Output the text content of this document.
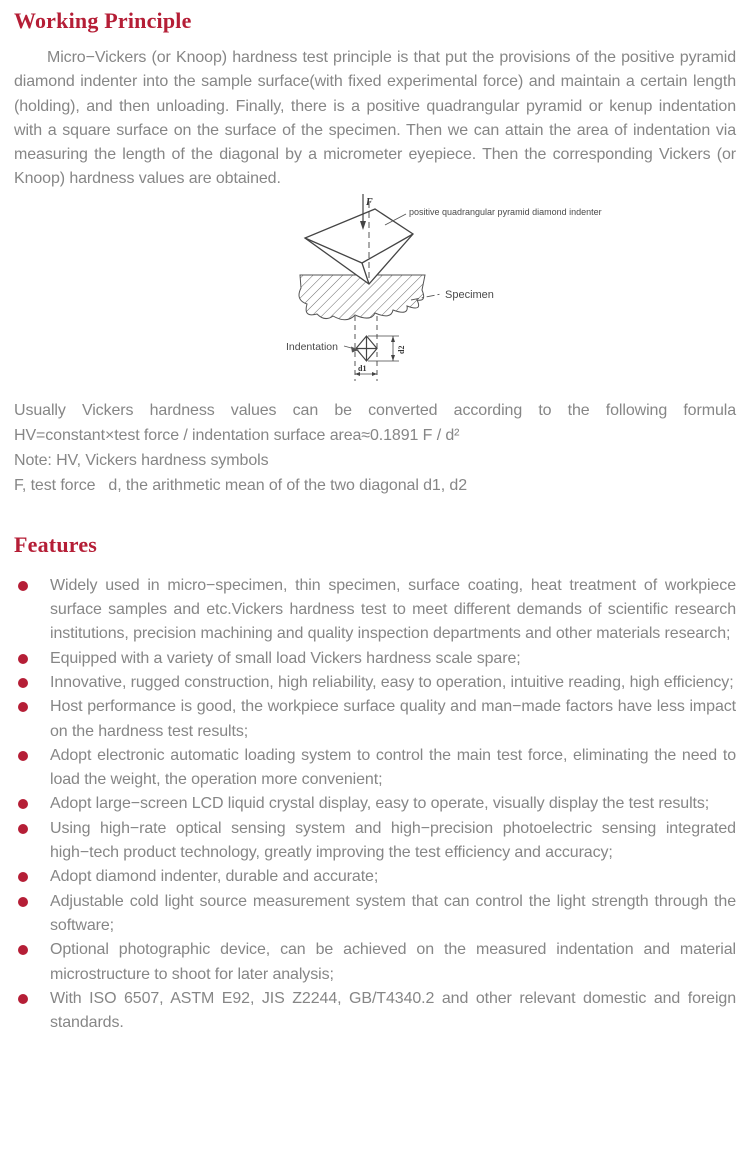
Working Principle

Micro−Vickers (or Knoop) hardness test principle is that put the provisions of the positive pyramid diamond indenter into the sample surface(with fixed experimental force) and maintain a certain length (holding), and then unloading. Finally, there is a positive quadrangular pyramid or kenup indentation with a square surface on the surface of the specimen. Then we can attain the area of indentation via measuring the length of the diagonal by a micrometer eyepiece. Then the corresponding Vickers (or Knoop) hardness values are obtained.

F
positive quadrangular pyramid diamond indenter
Specimen
Indentation	d2
d1
Usually Vickers hardness values can be converted according to the following formula
HV=constant×test force / indentation surface area≈0.1891 F / d²
Note: HV, Vickers hardness symbols
F, test force   d, the arithmetic mean of of the two diagonal d1, d2
Features
Widely used in micro−specimen, thin specimen, surface coating, heat treatment of workpiece surface samples and etc.Vickers hardness test to meet different demands of scientific research institutions, precision machining and quality inspection departments and other materials research;
Equipped with a variety of small load Vickers hardness scale spare;
Innovative, rugged construction, high reliability, easy to operation, intuitive reading, high efficiency;
Host performance is good, the workpiece surface quality and man−made factors have less impact on the hardness test results;
Adopt electronic automatic loading system to control the main test force, eliminating the need to load the weight, the operation more convenient;
Adopt large−screen LCD liquid crystal display, easy to operate, visually display the test results;
Using high−rate optical sensing system and high−precision photoelectric sensing integrated high−tech product technology, greatly improving the test efficiency and accuracy;
Adopt diamond indenter, durable and accurate;
Adjustable cold light source measurement system that can control the light strength through the software;
Optional photographic device, can be achieved on the measured indentation and material microstructure to shoot for later analysis;
With ISO 6507, ASTM E92, JIS Z2244, GB/T4340.2 and other relevant domestic and foreign standards.
